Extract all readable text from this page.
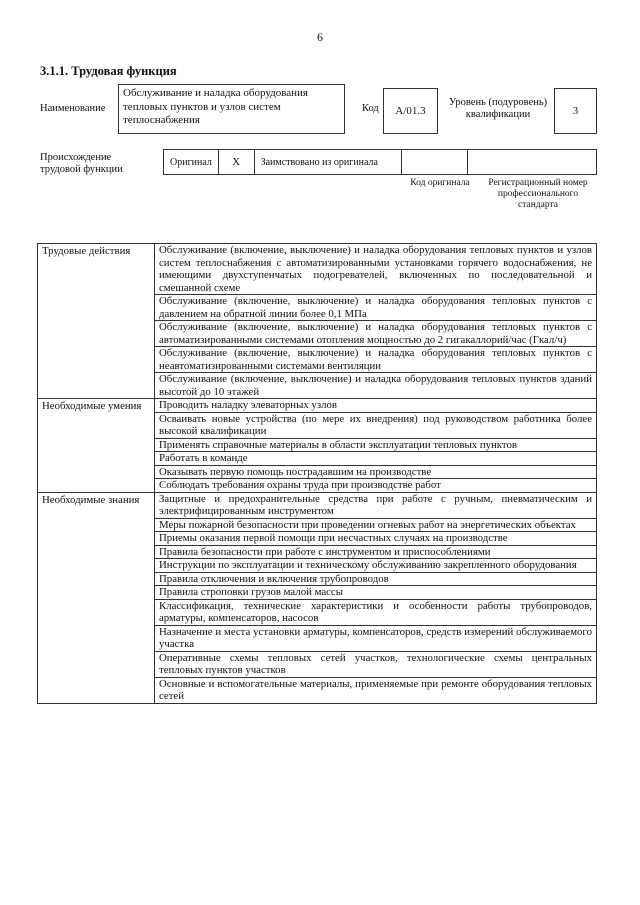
6
3.1.1. Трудовая функция
Наименование
Обслуживание и наладка оборудования тепловых пунктов и узлов систем теплоснабжения
Код	А/01.3
Уровень (подуровень) квалификации	3
Происхождение трудовой функции
Оригинал	X	Заимствовано из оригинала
Код оригинала	Регистрационный номер профессионального стандарта
Трудовые действия	Обслуживание (включение, выключение) и наладка оборудования тепловых пунктов и узлов систем теплоснабжения с автоматизированными установками горячего водоснабжения, не имеющими двухступенчатых подогревателей, включенных по последовательной и смешанной схеме
	Обслуживание (включение, выключение) и наладка оборудования тепловых пунктов с давлением на обратной линии более 0,1 МПа
	Обслуживание (включение, выключение) и наладка оборудования тепловых пунктов с автоматизированными системами отопления мощностью до 2 гигакаллорий/час (Гкал/ч)
	Обслуживание (включение, выключение) и наладка оборудования тепловых пунктов с неавтоматизированными системами вентиляции
	Обслуживание (включение, выключение) и наладка оборудования тепловых пунктов зданий высотой до 10 этажей
Необходимые умения	Проводить наладку элеваторных узлов
	Осваивать новые устройства (по мере их внедрения) под руководством работника более высокой квалификации
	Применять справочные материалы в области эксплуатации тепловых пунктов
	Работать в команде
	Оказывать первую помощь пострадавшим на производстве
	Соблюдать требования охраны труда при производстве работ
Необходимые знания	Защитные и предохранительные средства при работе с ручным, пневматическим и электрифицированным инструментом
	Меры пожарной безопасности при проведении огневых работ на энергетических объектах
	Приемы оказания первой помощи при несчастных случаях на производстве
	Правила безопасности при работе с инструментом и приспособлениями
	Инструкции по эксплуатации и техническому обслуживанию закрепленного оборудования
	Правила отключения и включения трубопроводов
	Правила строповки грузов малой массы
	Классификация, технические характеристики и особенности работы трубопроводов, арматуры, компенсаторов, насосов
	Назначение и места установки арматуры, компенсаторов, средств измерений обслуживаемого участка
	Оперативные схемы тепловых сетей участков, технологические схемы центральных тепловых пунктов участков
	Основные и вспомогательные материалы, применяемые при ремонте оборудования тепловых сетей
